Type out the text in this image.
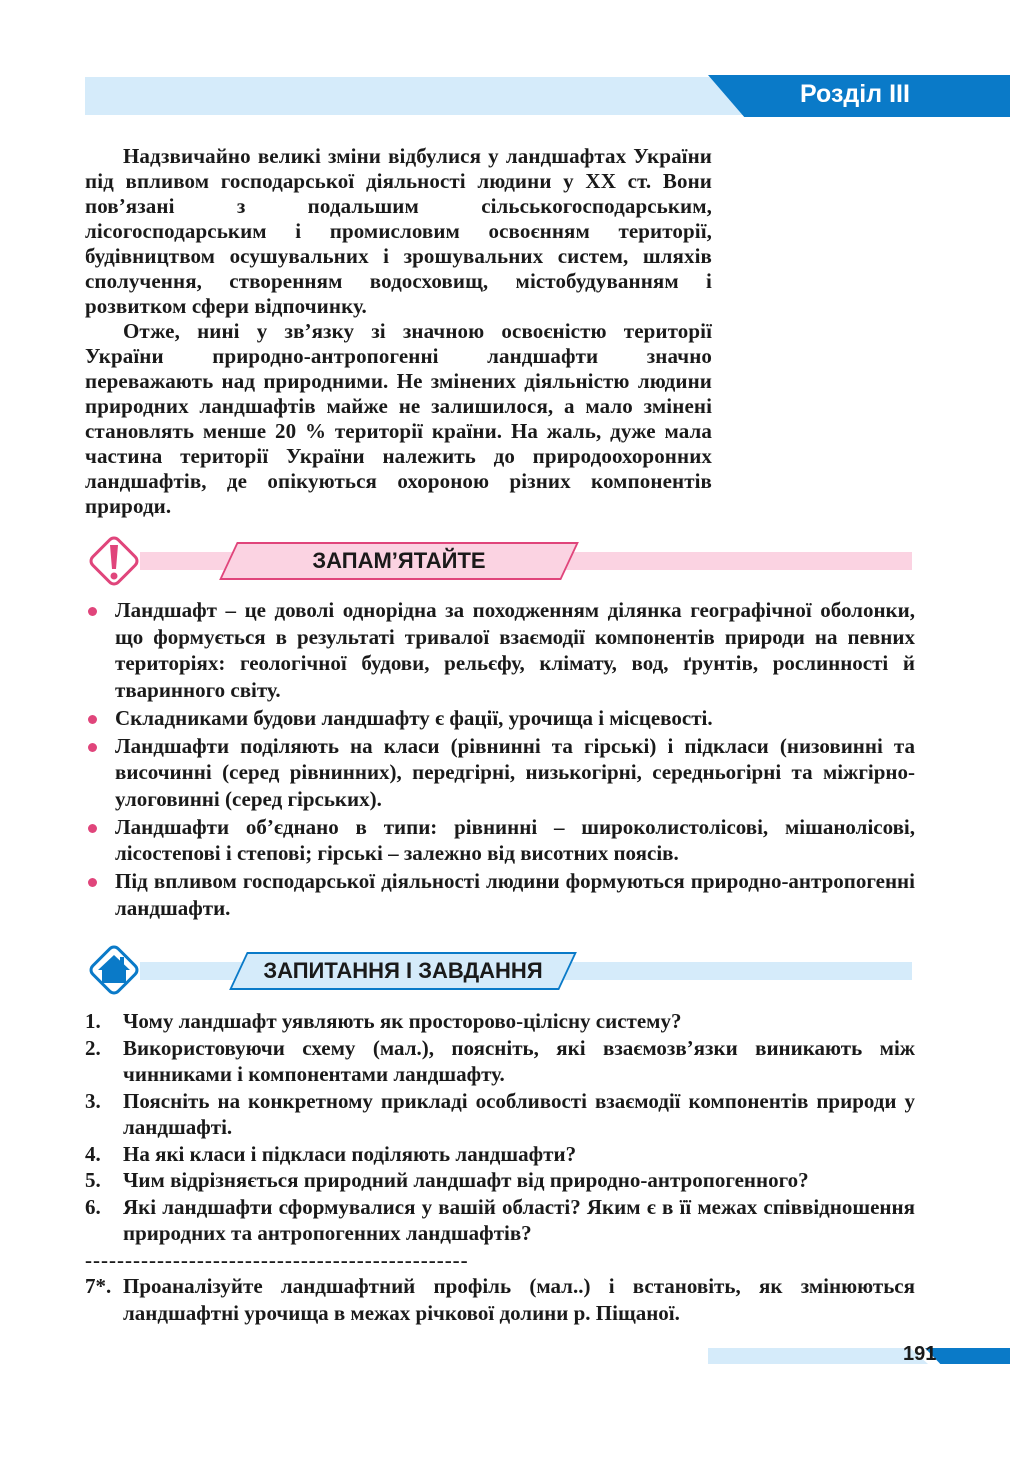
Розділ III

Надзвичайно великі зміни відбулися у ландшафтах України під впливом господарської діяльності людини у XX ст. Вони пов’язані з подальшим сільськогосподарським, лісогосподарським і промисловим освоєнням території, будівництвом осушувальних і зрошувальних систем, шляхів сполучення, створенням водосховищ, містобудуванням і розвитком сфери відпочинку.

Отже, нині у зв’язку зі значною освоєністю території України природно-антропогенні ландшафти значно переважають над природними. Не змінених діяльністю людини природних ландшафтів майже не залишилося, а мало змінені становлять менше 20 % території країни. На жаль, дуже мала частина території України належить до природоохоронних ландшафтів, де опікуються охороною різних компонентів природи.

ЗАПАМ’ЯТАЙТЕ
Ландшафт – це доволі однорідна за походженням ділянка географічної оболонки, що формується в результаті тривалої взаємодії компонентів природи на певних територіях: геологічної будови, рельєфу, клімату, вод, ґрунтів, рослинності й тваринного світу.
Складниками будови ландшафту є фації, урочища і місцевості.
Ландшафти поділяють на класи (рівнинні та гірські) і підкласи (низовинні та височинні (серед рівнинних), передгірні, низькогірні, середньогірні та міжгірно-улоговинні (серед гірських).
Ландшафти об’єднано в типи: рівнинні – широколистолісові, мішанолісові, лісостепові і степові; гірські – залежно від висотних поясів.
Під впливом господарської діяльності людини формуються природно-антропогенні ландшафти.
ЗАПИТАННЯ І ЗАВДАННЯ
1. Чому ландшафт уявляють як просторово-цілісну систему?
2. Використовуючи схему (мал.), поясніть, які взаємозв’язки виникають між чинниками і компонентами ландшафту.
3. Поясніть на конкретному прикладі особливості взаємодії компонентів природи у ландшафті.
4. На які класи і підкласи поділяють ландшафти?
5. Чим відрізняється природний ландшафт від природно-антропогенного?
6. Які ландшафти сформувалися у вашій області? Яким є в її межах співвідношення природних та антропогенних ландшафтів?
------------------------------------------------
7*. Проаналізуйте ландшафтний профіль (мал..) і встановіть, як змінюються ландшафтні урочища в межах річкової долини р. Піщаної.
191
